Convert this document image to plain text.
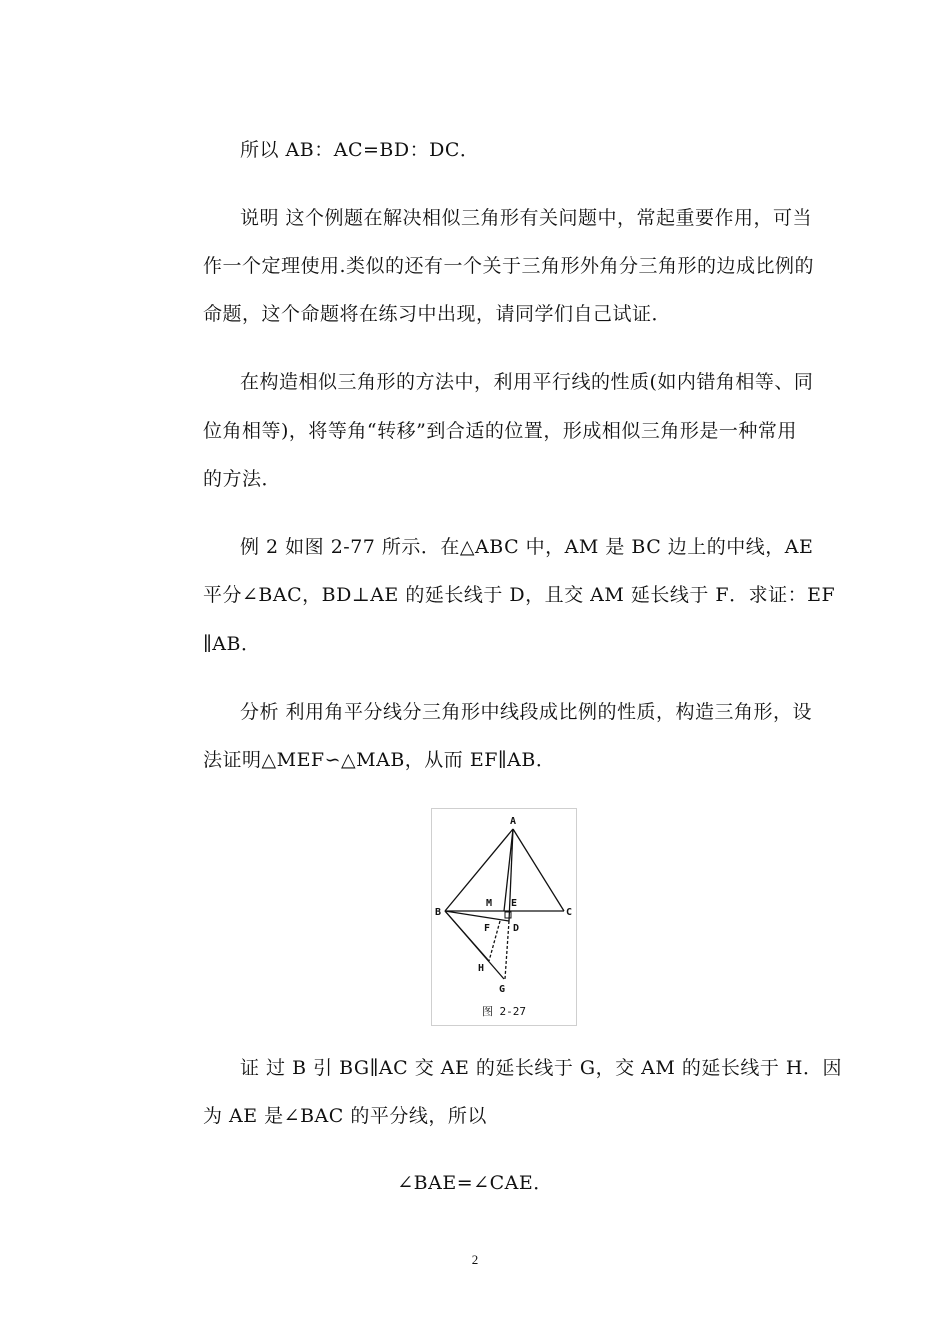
所以 AB：AC=BD：DC．
说明 这个例题在解决相似三角形有关问题中，常起重要作用，可当
作一个定理使用.类似的还有一个关于三角形外角分三角形的边成比例的
命题，这个命题将在练习中出现，请同学们自己试证．
在构造相似三角形的方法中，利用平行线的性质(如内错角相等、同
位角相等)，将等角“转移”到合适的位置，形成相似三角形是一种常用
的方法．
例 2 如图 2-77 所示．在△ABC 中，AM 是 BC 边上的中线，AE
平分∠BAC，BD⊥AE 的延长线于 D，且交 AM 延长线于 F．求证：EF
∥AB．
分析 利用角平分线分三角形中线段成比例的性质，构造三角形，设
法证明△MEF∽△MAB，从而 EF∥AB．
A
B	C
M E
D
F
H
G
图 2-27
证 过 B 引 BG∥AC 交 AE 的延长线于 G，交 AM 的延长线于 H．因
为 AE 是∠BAC 的平分线，所以
∠BAE=∠CAE．
2
